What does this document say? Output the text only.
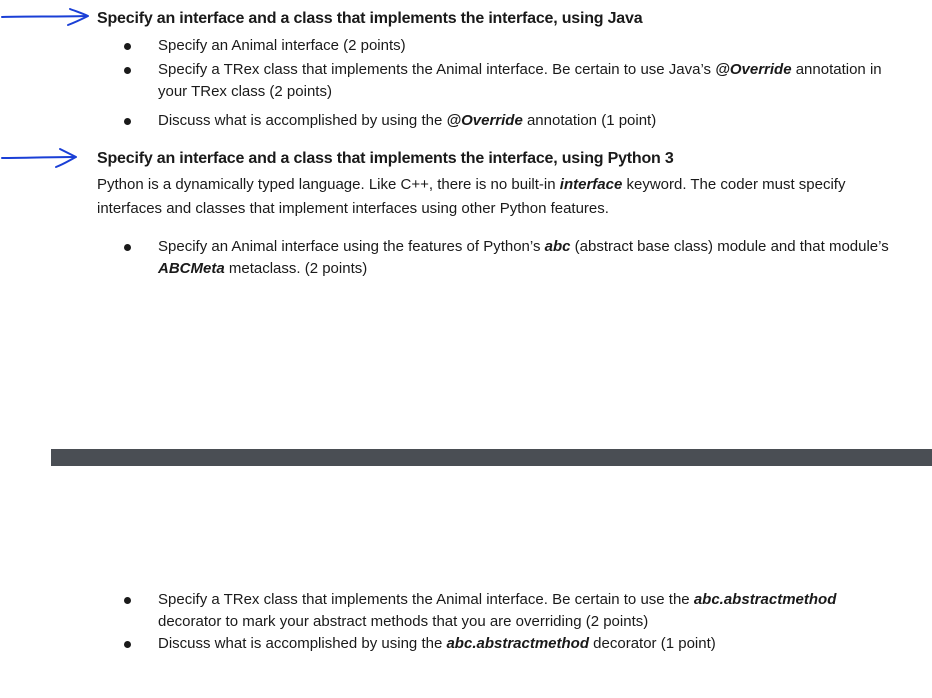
Specify an interface and a class that implements the interface, using Java
Specify an Animal interface (2 points)
Specify a TRex class that implements the Animal interface. Be certain to use Java’s @Override annotation in your TRex class (2 points)
Discuss what is accomplished by using the @Override annotation (1 point)
Specify an interface and a class that implements the interface, using Python 3
Python is a dynamically typed language. Like C++, there is no built-in interface keyword. The coder must specify interfaces and classes that implement interfaces using other Python features.
Specify an Animal interface using the features of Python’s abc (abstract base class) module and that module’s ABCMeta metaclass. (2 points)
Specify a TRex class that implements the Animal interface. Be certain to use the abc.abstractmethod decorator to mark your abstract methods that you are overriding (2 points)
Discuss what is accomplished by using the abc.abstractmethod decorator (1 point)
